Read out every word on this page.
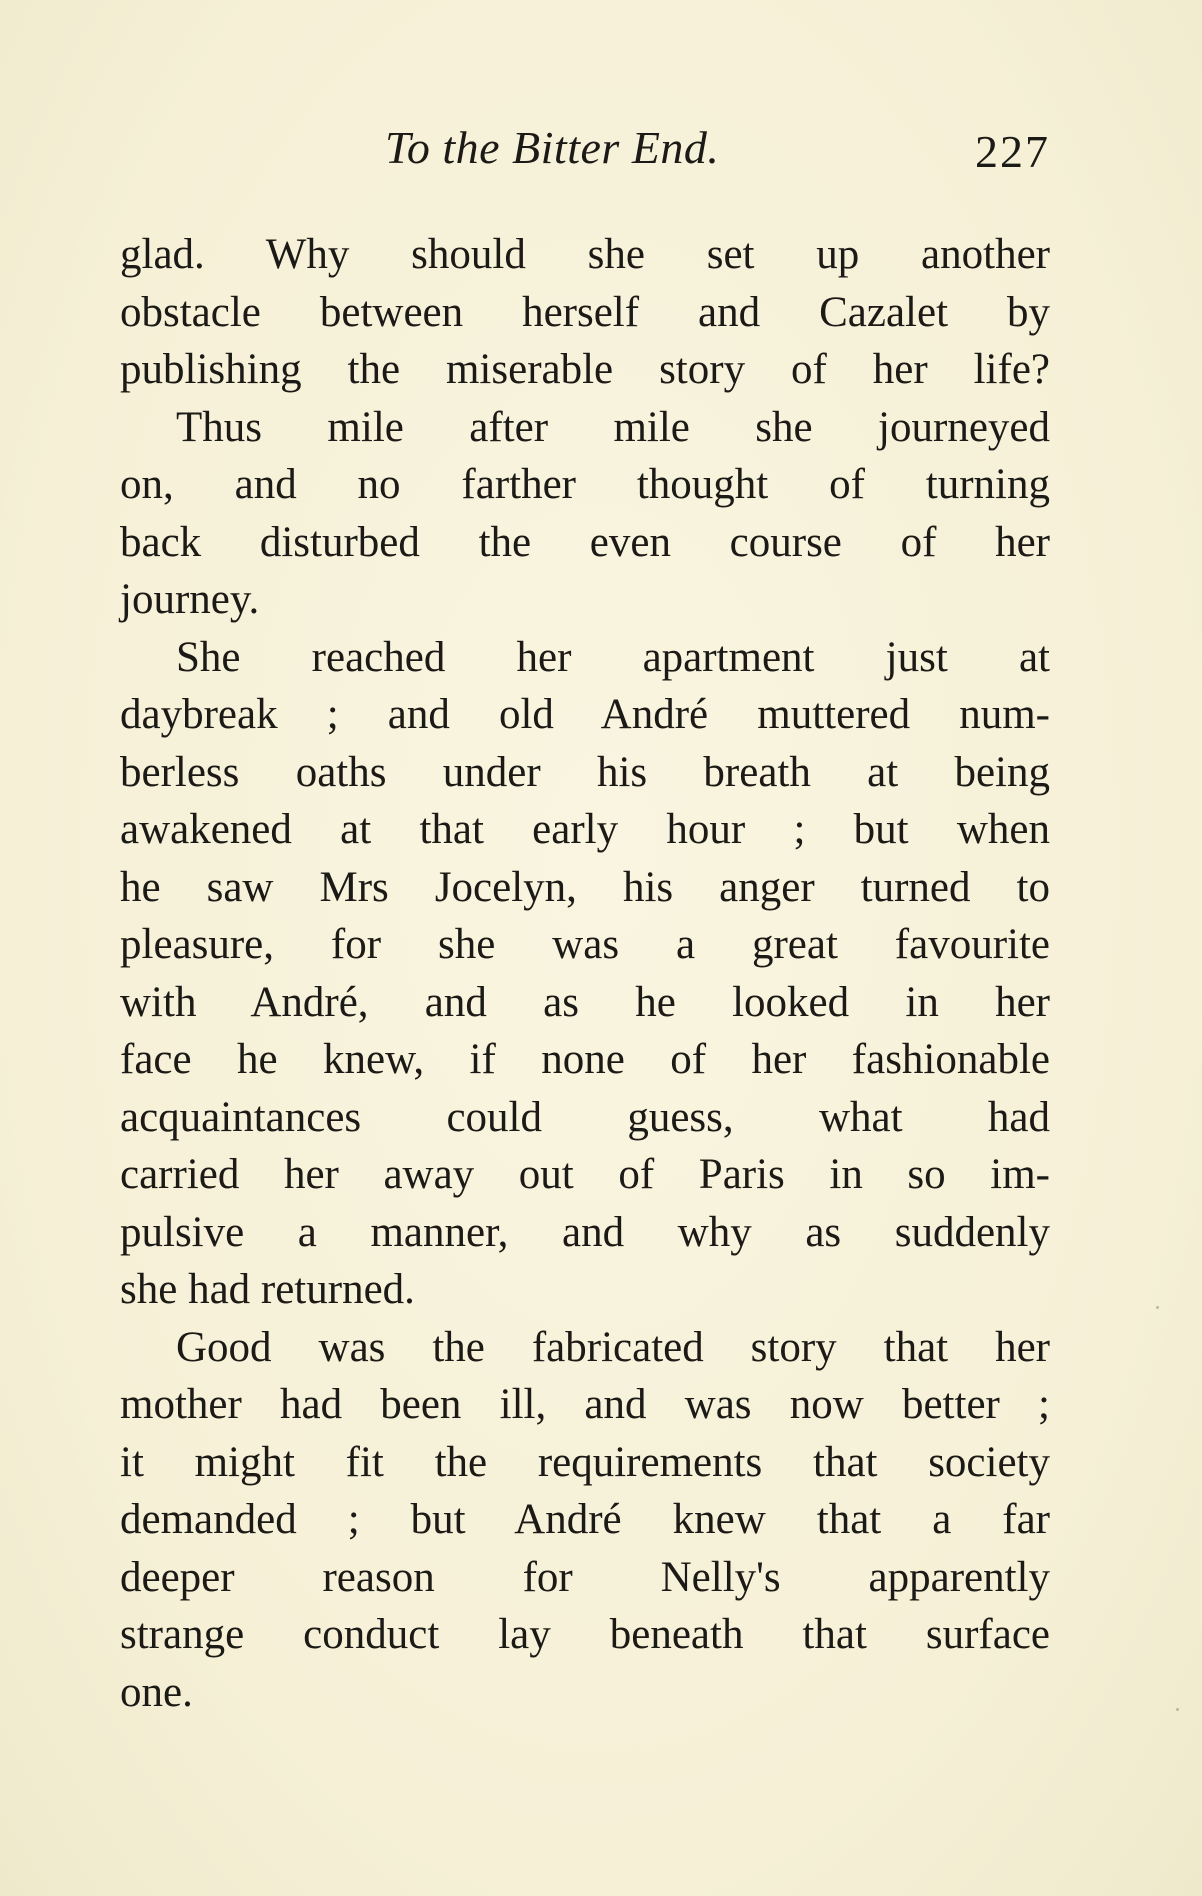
To the Bitter End.	227
glad. Why should she set up another
obstacle between herself and Cazalet by
publishing the miserable story of her life?
Thus mile after mile she journeyed
on, and no farther thought of turning
back disturbed the even course of her
journey.
She reached her apartment just at
daybreak ; and old André muttered num-
berless oaths under his breath at being
awakened at that early hour ; but when
he saw Mrs Jocelyn, his anger turned to
pleasure, for she was a great favourite
with André, and as he looked in her
face he knew, if none of her fashionable
acquaintances could guess, what had
carried her away out of Paris in so im-
pulsive a manner, and why as suddenly
she had returned.
Good was the fabricated story that her
mother had been ill, and was now better ;
it might fit the requirements that society
demanded ; but André knew that a far
deeper reason for Nelly's apparently
strange conduct lay beneath that surface
one.
